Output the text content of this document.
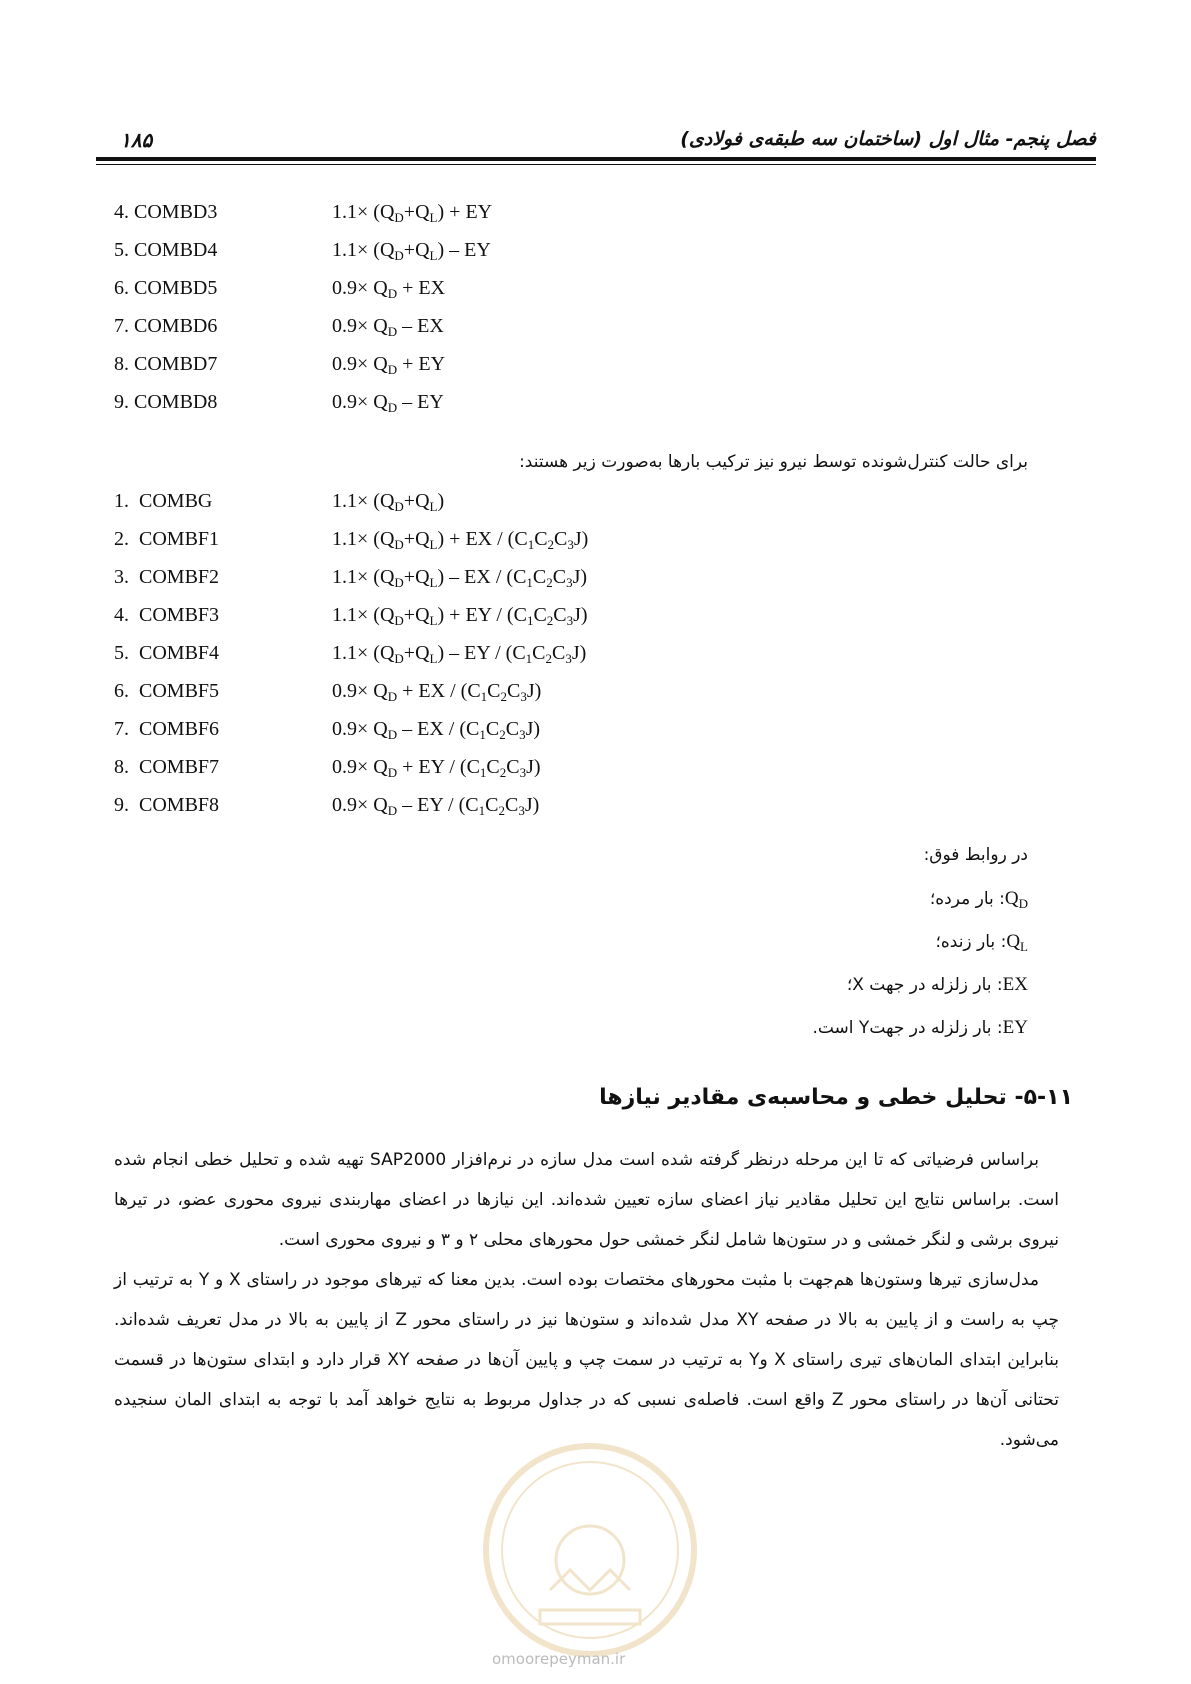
فصل پنجم- مثال اول (ساختمان سه طبقه‌ی فولادی)
۱۸۵
4. COMBD3	$1.1\times (Q_D+Q_L)$ + EY
5. COMBD4	$1.1\times (Q_D+Q_L)$ – EY
6. COMBD5	$0.9\times Q_D$ + EX
7. COMBD6	$0.9\times Q_D$ – EX
8. COMBD7	$0.9\times Q_D$ + EY
9. COMBD8	$0.9\times Q_D$ – EY
برای حالت کنترل‌شونده توسط نیرو نیز ترکیب بارها به‌صورت زیر هستند:
1.  COMBG	$1.1\times (Q_D+Q_L)$
2.  COMBF1	$1.1\times (Q_D+Q_L)$ + EX / $(C_1C_2C_3J)$
3.  COMBF2	$1.1\times (Q_D+Q_L)$ – EX / $(C_1C_2C_3J)$
4.  COMBF3	$1.1\times (Q_D+Q_L)$ + EY / $(C_1C_2C_3J)$
5.  COMBF4	$1.1\times (Q_D+Q_L)$ – EY / $(C_1C_2C_3J)$
6.  COMBF5	$0.9\times Q_D$ + EX / $(C_1C_2C_3J)$
7.  COMBF6	$0.9\times Q_D$ – EX / $(C_1C_2C_3J)$
8.  COMBF7	$0.9\times Q_D$ + EY / $(C_1C_2C_3J)$
9.  COMBF8	$0.9\times Q_D$ – EY / $(C_1C_2C_3J)$
در روابط فوق:
$Q_D$: بار مرده؛
$Q_L$: بار زنده؛
EX: بار زلزله در جهت X؛
EY: بار زلزله در جهتY است.
۵-۱۱- تحلیل خطی و محاسبه‌ی مقادیر نیازها

براساس فرضیاتی که تا این مرحله درنظر گرفته شده است مدل سازه در نرم‌افزار SAP2000 تهیه شده و تحلیل خطی انجام شده است. براساس نتایج این تحلیل مقادیر نیاز اعضای سازه تعیین شده‌اند. این نیازها در اعضای مهاربندی نیروی محوری عضو، در تیرها نیروی برشی و لنگر خمشی و در ستون‌ها شامل لنگر خمشی حول محورهای محلی ۲ و ۳ و نیروی محوری است.

مدل‌سازی تیرها وستون‌ها هم‌جهت با مثبت محورهای مختصات بوده است. بدین معنا که تیرهای موجود در راستای X و Y به ترتیب از چپ به راست و از پایین به بالا در صفحه XY مدل شده‌اند و ستون‌ها نیز در راستای محور Z از پایین به بالا در مدل تعریف شده‌اند. بنابراین ابتدای المان‌های تیری راستای X وY به ترتیب در سمت چپ و پایین آن‌ها در صفحه XY قرار دارد و ابتدای ستون‌ها در قسمت تحتانی آن‌ها در راستای محور Z واقع است. فاصله‌ی نسبی که در جداول مربوط به نتایج خواهد آمد با توجه به ابتدای المان سنجیده می‌شود.

omoorepeyman.ir
